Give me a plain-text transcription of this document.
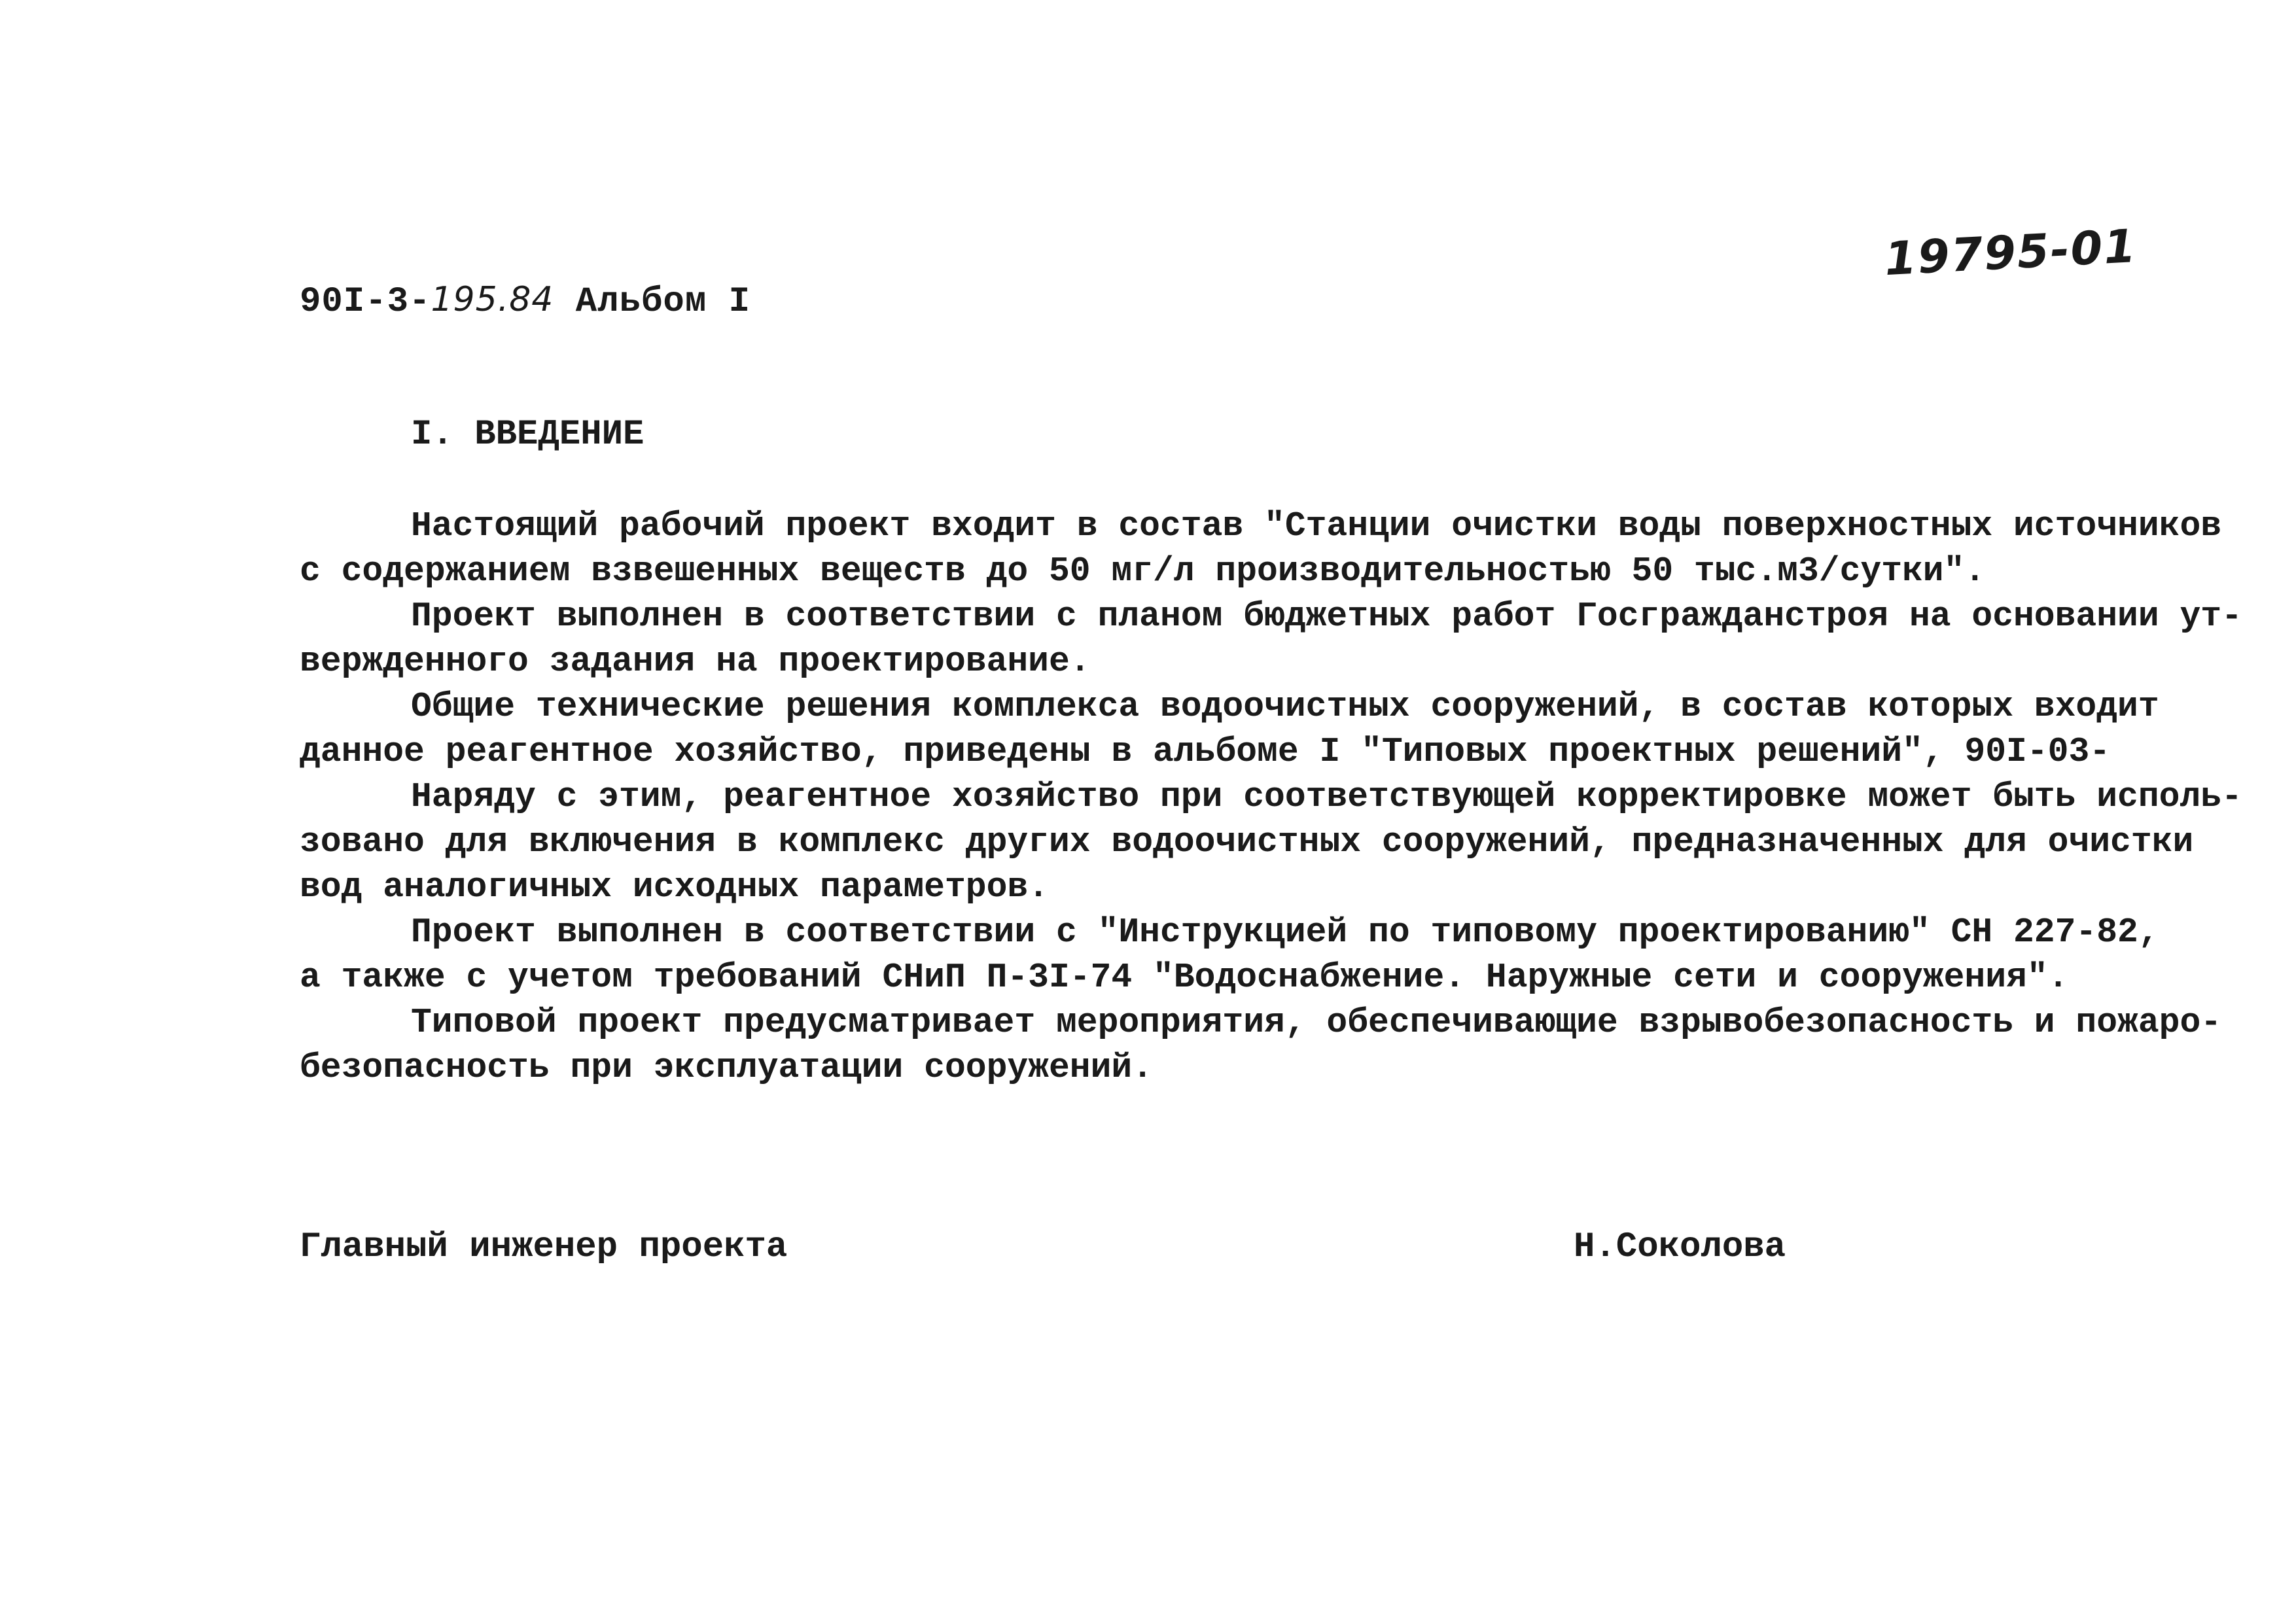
90I-3-195.84 Альбом I
19795-01
I. ВВЕДЕНИЕ
Настоящий рабочий проект входит в состав "Станции очистки воды поверхностных источников
с содержанием взвешенных веществ до 50 мг/л производительностью 50 тыс.м3/сутки".
Проект выполнен в соответствии с планом бюджетных работ Госгражданстроя на основании ут-
вержденного задания на проектирование.
Общие технические решения комплекса водоочистных сооружений, в состав которых входит
данное реагентное хозяйство, приведены в альбоме I "Типовых проектных решений", 90I-03-
Наряду с этим, реагентное хозяйство при соответствующей корректировке может быть исполь-
зовано для включения в комплекс других водоочистных сооружений, предназначенных для очистки
вод аналогичных исходных параметров.
Проект выполнен в соответствии с "Инструкцией по типовому проектированию" СН 227-82,
а также с учетом требований СНиП П-3I-74 "Водоснабжение. Наружные сети и сооружения".
Типовой проект предусматривает мероприятия, обеспечивающие взрывобезопасность и пожаро-
безопасность при эксплуатации сооружений.
Главный инженер проекта	Н.Соколова
